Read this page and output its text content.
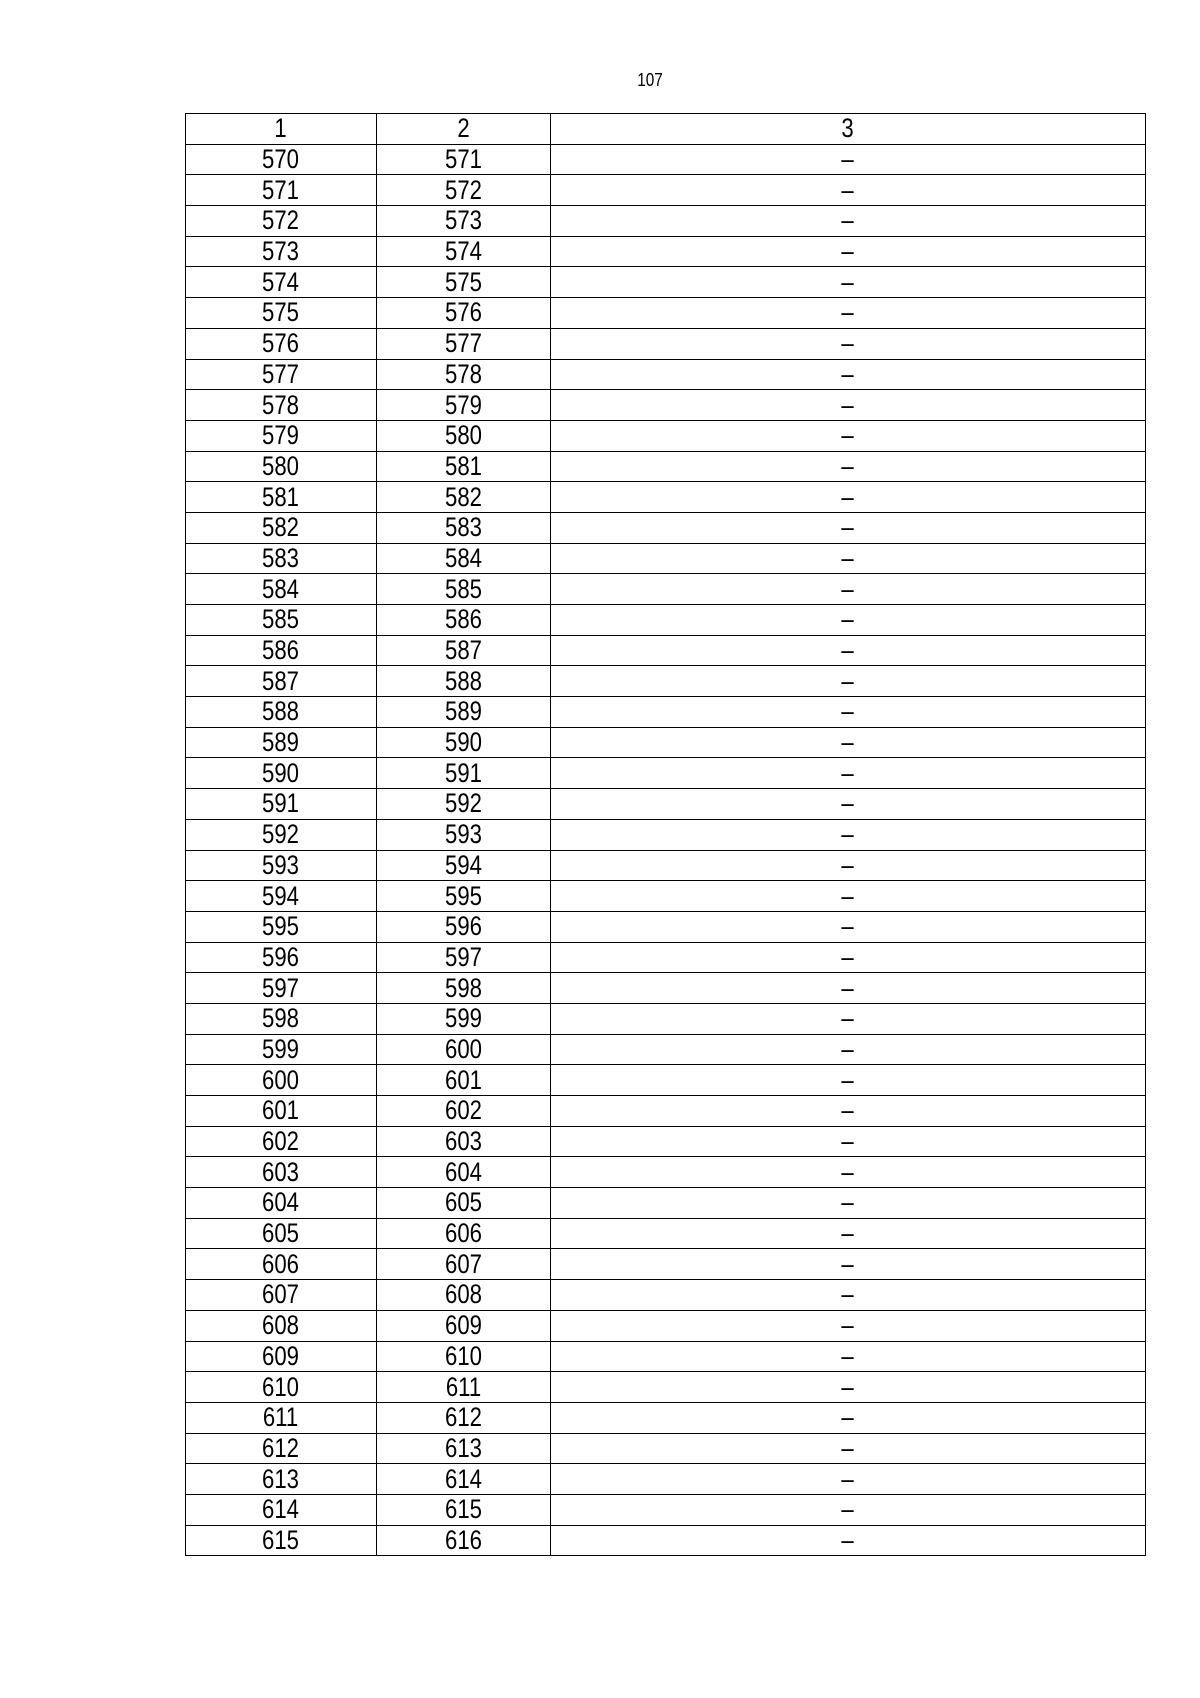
107
1	2	3
570	571	–
571	572	–
572	573	–
573	574	–
574	575	–
575	576	–
576	577	–
577	578	–
578	579	–
579	580	–
580	581	–
581	582	–
582	583	–
583	584	–
584	585	–
585	586	–
586	587	–
587	588	–
588	589	–
589	590	–
590	591	–
591	592	–
592	593	–
593	594	–
594	595	–
595	596	–
596	597	–
597	598	–
598	599	–
599	600	–
600	601	–
601	602	–
602	603	–
603	604	–
604	605	–
605	606	–
606	607	–
607	608	–
608	609	–
609	610	–
610	611	–
611	612	–
612	613	–
613	614	–
614	615	–
615	616	–
